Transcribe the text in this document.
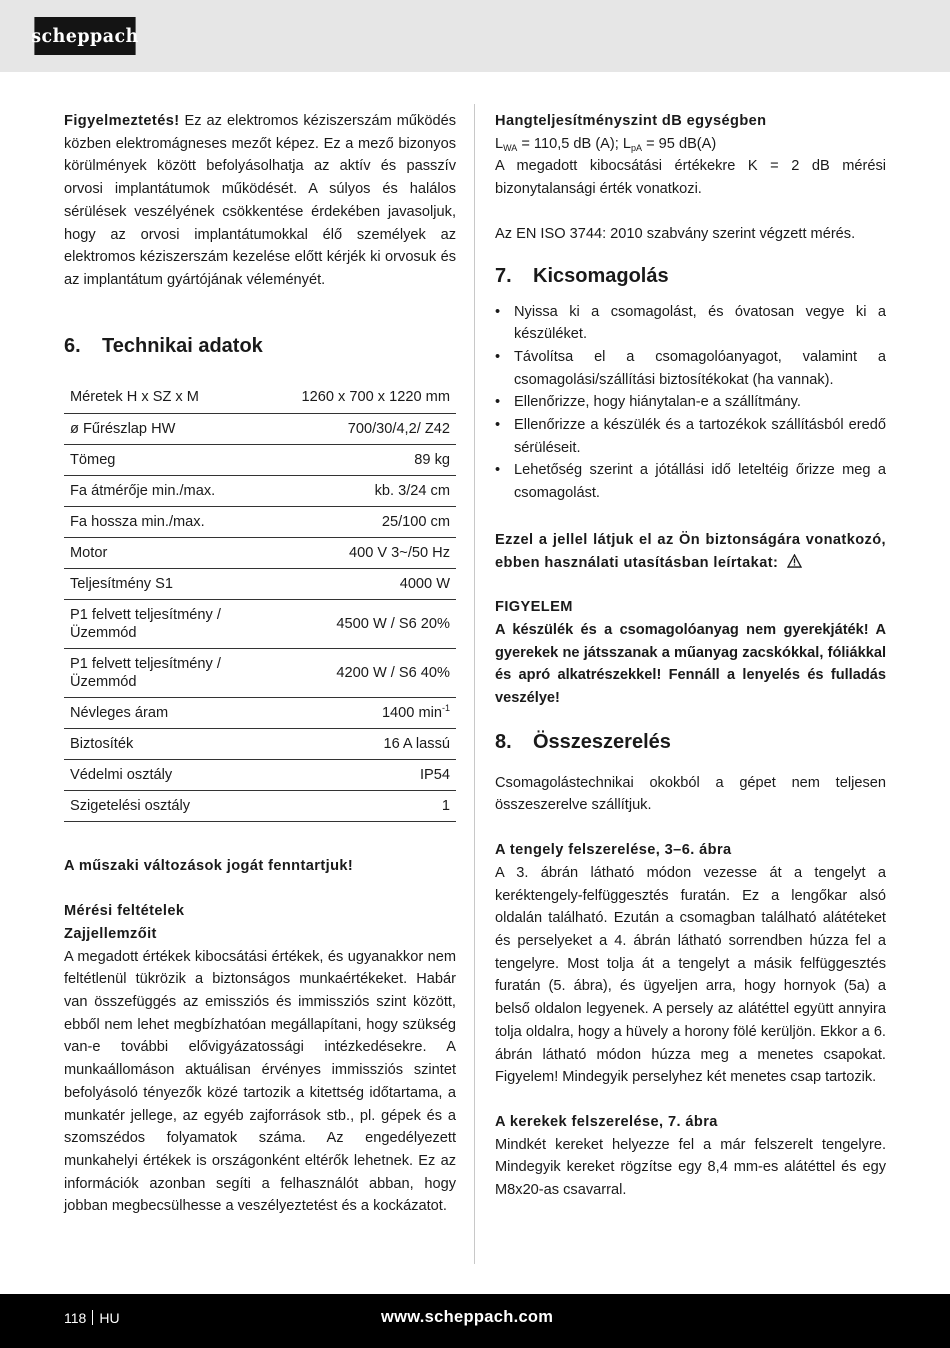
scheppach

Figyelmeztetés! Ez az elektromos kéziszerszám működés közben elektromágneses mezőt képez. Ez a mező bizonyos körülmények között befolyásolhatja az aktív és passzív orvosi implantátumok működését. A súlyos és halálos sérülések veszélyének csökkentése érdekében javasoljuk, hogy az orvosi implantátumokkal élő személyek az elektromos kéziszerszám kezelése előtt kérjék ki orvosuk és az implantátum gyártójának véleményét.

6.	Technikai adatok
Méretek H x SZ x M	1260 x 700 x 1220 mm
ø Fűrészlap HW	700/30/4,2/ Z42
Tömeg	89 kg
Fa átmérője min./max.	kb. 3/24 cm
Fa hossza min./max.	25/100 cm
Motor	400 V 3~/50 Hz
Teljesítmény S1	4000 W
P1 felvett teljesítmény / Üzemmód	4500 W / S6 20%
P1 felvett teljesítmény / Üzemmód	4200 W / S6 40%
Névleges áram	1400 $\min^{-1}$
Biztosíték	16 A lassú
Védelmi osztály	IP54
Szigetelési osztály	1

A műszaki változások jogát fenntartjuk!

Mérési feltételek

Zajjellemzőit

A megadott értékek kibocsátási értékek, és ugyanakkor nem feltétlenül tükrözik a biztonságos munkaértékeket. Habár van összefüggés az emissziós és immissziós szint között, ebből nem lehet megbízhatóan megállapítani, hogy szükség van-e további elővigyázatossági intézkedésekre. A munkaállomáson aktuálisan érvényes immissziós szintet befolyásoló tényezők közé tartozik a kitettség időtartama, a munkatér jellege, az egyéb zajforrások stb., pl. gépek és a szomszédos folyamatok száma. Az engedélyezett munkahelyi értékek is országonként eltérők lehetnek. Ez az információk azonban segíti a felhasználót abban, hogy jobban megbecsülhesse a veszélyeztetést és a kockázatot.

Hangteljesítményszint dB egységben

$L_{WA} = 110,5$ dB (A); $L_{pA} = 95$ dB(A)

A megadott kibocsátási értékekre K = 2 dB mérési bizonytalansági érték vonatkozi.

Az EN ISO 3744: 2010 szabvány szerint végzett mérés.

7.	Kicsomagolás
• Nyissa ki a csomagolást, és óvatosan vegye ki a készüléket.
• Távolítsa el a csomagolóanyagot, valamint a csomagolási/szállítási biztosítékokat (ha vannak).
• Ellenőrizze, hogy hiánytalan-e a szállítmány.
• Ellenőrizze a készülék és a tartozékok szállításból eredő sérüléseit.
• Lehetőség szerint a jótállási idő leteltéig őrizze meg a csomagolást.

Ezzel a jellel látjuk el az Ön biztonságára vonatkozó, ebben használati utasításban leírtakat:

FIGYELEM

A készülék és a csomagolóanyag nem gyerekjáték! A gyerekek ne játsszanak a műanyag zacskókkal, fóliákkal és apró alkatrészekkel! Fennáll a lenyelés és fulladás veszélye!

8.	Összeszerelés

Csomagolástechnikai okokból a gépet nem teljesen összeszerelve szállítjuk.

A tengely felszerelése, 3–6. ábra

A 3. ábrán látható módon vezesse át a tengelyt a keréktengely-felfüggesztés furatán. Ez a lengőkar alsó oldalán található. Ezután a csomagban található alátéteket és perselyeket a 4. ábrán látható sorrendben húzza fel a tengelyre. Most tolja át a tengelyt a másik felfüggesztés furatán (5. ábra), és ügyeljen arra, hogy hornyok (5a) a belső oldalon legyenek. A persely az alátéttel együtt annyira tolja oldalra, hogy a hüvely a horony fölé kerüljön. Ekkor a 6. ábrán látható módon húzza meg a menetes csapokat. Figyelem! Mindegyik perselyhez két menetes csap tartozik.

A kerekek felszerelése, 7. ábra

Mindkét kereket helyezze fel a már felszerelt tengelyre. Mindegyik kereket rögzítse egy 8,4 mm-es alátéttel és egy M8x20-as csavarral.

118 HU	www.scheppach.com
